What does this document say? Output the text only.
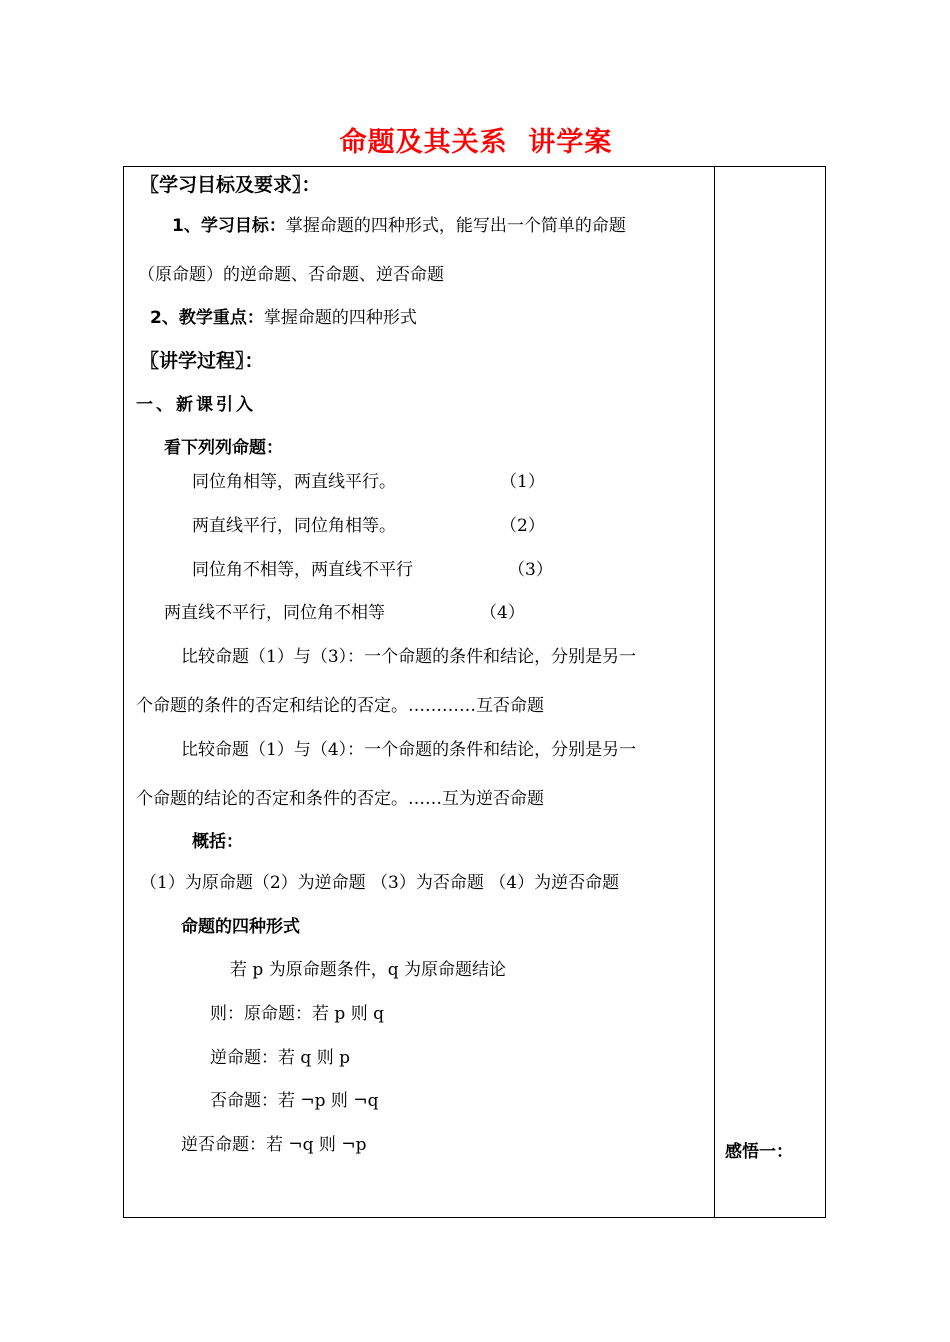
命题及其关系  讲学案
〖学习目标及要求〗：
1、学习目标：掌握命题的四种形式，能写出一个简单的命题
（原命题）的逆命题、否命题、逆否命题
2、教学重点：掌握命题的四种形式
〖讲学过程〗：
一、新课引入
看下列列命题：
同位角相等，两直线平行。	（1）
两直线平行，同位角相等。	（2）
同位角不相等，两直线不平行	（3）
两直线不平行，同位角不相等	（4）
比较命题（1）与（3）：一个命题的条件和结论，分别是另一
个命题的条件的否定和结论的否定。…………互否命题
比较命题（1）与（4）：一个命题的条件和结论，分别是另一
个命题的结论的否定和条件的否定。……互为逆否命题
概括：
（1）为原命题（2）为逆命题 （3）为否命题 （4）为逆否命题
命题的四种形式
若 p 为原命题条件，q 为原命题结论
则：原命题：若 p 则 q
逆命题：若 q 则 p
否命题：若 ¬p 则 ¬q
逆否命题：若 ¬q 则 ¬p	感悟一：
